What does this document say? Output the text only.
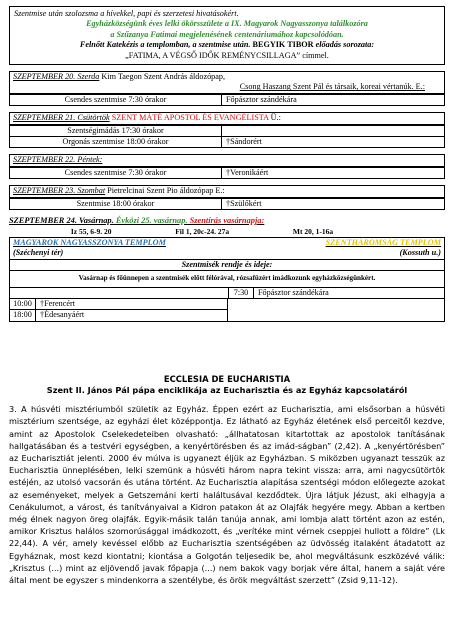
Szentmise után szolozsma a hívekkel, papi és szerzetesi hivatásokért.
Egyházközségünk éves lelki ökörsszülete a IX. Magyarok Nagyasszonya találkozóra
a Szűzanya Fatimai megjelenésének centenáriumához kapcsolódóan.
Felnőtt Katekézis a templomban, a szentmise után. BEGYIK TIBOR előadás sorozata:
„FATIMA, A VÉGSŐ IDŐK REMÉNYCSILLAGA” címmel.
SZEPTEMBER 20. Szerda Kim Taegon Szent András áldozópap,
Csong Haszang Szent Pál és társaik, koreai vértanúk. E.:
Csendes szentmise 7:30 órakor	Főpásztor szándékára
SZEPTEMBER 21. Csütörtök SZENT MÁTÉ APOSTOL ÉS EVANGÉLISTA Ü.:
Szentségimádás 17:30 órakor
Orgonás szentmise 18:00 órakor	†Sándorért
SZEPTEMBER 22. Péntek:
Csendes szentmise 7:30 órakor	†Veronikáért
SZEPTEMBER 23. Szombat Pietrelcinai Szent Pio áldozópap E.:
Szentmise 18:00 órakor	†Szülőkért
SZEPTEMBER 24. Vasárnap. Évközi 25. vasárnap. Szentírás vasárnapja:
Iz 55, 6-9. 20	Fil 1, 20c-24. 27a	Mt 20, 1-16a
MAGYAROK NAGYASSZONYA TEMPLOM	SZENTHÁROMSÁG TEMPLOM
(Széchenyi tér)	(Kossuth u.)
Szentmisék rendje és ideje:
Vasárnap és főünnepen a szentmisék előtt félórával, rózsafüzért imádkozunk egyházközségünkért.
7:30	Főpásztor szándékára
10:00 †Ferencért
18:00 †Édesanyáért
ECCLESIA DE EUCHARISTIA
Szent II. János Pál pápa enciklikája az Eucharisztia és az Egyház kapcsolatáról
3. A húsvéti misztériumból születik az Egyház. Éppen ezért az Eucharisztia, ami elsősorban a húsvéti misztérium szentsége, az egyházi élet középpontja. Ez látható az Egyház életének első perceitől kezdve, amint az Apostolok Cselekedeteiben olvasható: „állhatatosan kitartottak az apostolok tanításának hallgatásában és a testvéri egységben, a kenyértörésben és az imád-ságban” (2,42). A „kenyértörésben” az Eucharisztiát jelenti. 2000 év múlva is ugyanezt éljük az Egyházban. S miközben ugyanazt tesszük az Eucharisztia ünneplésében, lelki szemünk a húsvéti három napra tekint vissza: arra, ami nagycsütörtök estéjén, az utolsó vacsorán és utána történt. Az Eucharisztia alapítása szentségi módon előlegezte azokat az eseményeket, melyek a Getszemáni kerti haláltusával kezdődtek. Újra látjuk Jézust, aki elhagyja a Cenákulumot, a várost, és tanítványaival a Kidron patakon át az Olajfák hegyére megy. Abban a kertben még élnek nagyon öreg olajfák. Egyik-másik talán tanúja annak, ami lombja alatt történt azon az estén, amikor Krisztus halálos szomorúsággal imádkozott, és „verítéke mint vérnek cseppjei hullott a földre” (Lk 22,44). A vér, amely kevéssel előbb az Eucharisztia szentségében az üdvösség italaként átadatott az Egyháznak, most kezd kiontatni; kiontása a Golgotán teljesedik be, ahol megváltásunk eszközévé válik: „Krisztus (...) mint az eljövendő javak főpapja (...) nem bakok vagy borjak vére által, hanem a saját vére által ment be egyszer s mindenkorra a szentélybe, és örök megváltást szerzett” (Zsid 9,11-12).
